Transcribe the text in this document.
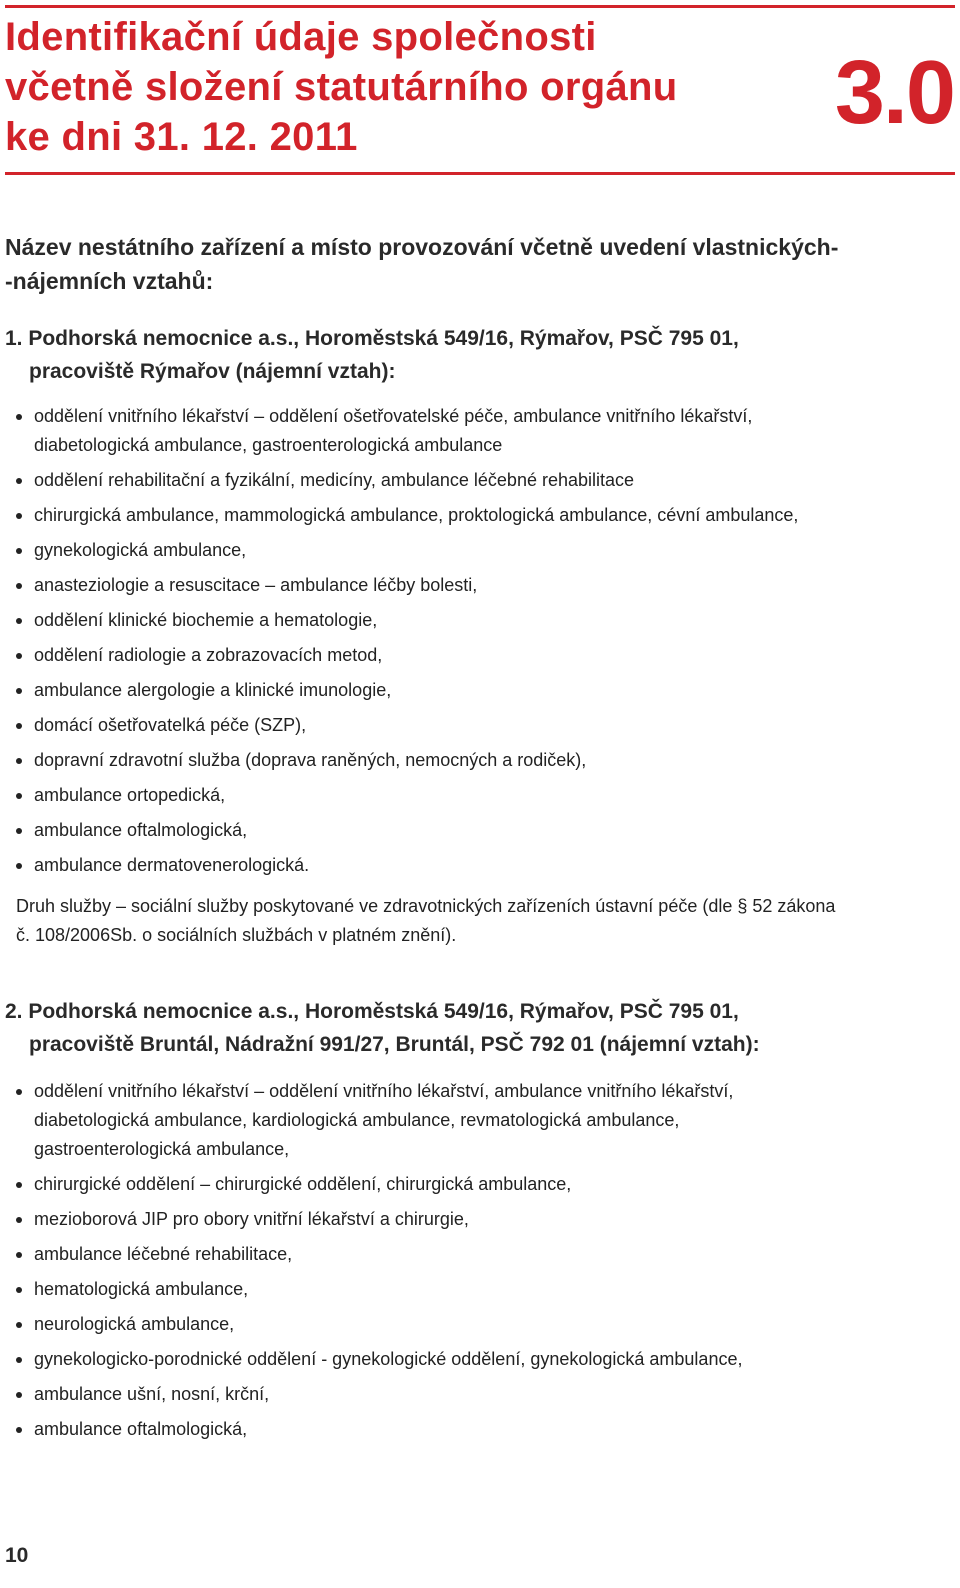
Identifikační údaje společnosti
včetně složení statutárního orgánu
ke dni 31. 12. 2011	3.0
Název nestátního zařízení a místo provozování včetně uvedení vlastnických-
-nájemních vztahů:
1. Podhorská nemocnice a.s., Horoměstská 549/16, Rýmařov, PSČ 795 01,
pracoviště Rýmařov (nájemní vztah):
oddělení vnitřního lékařství – oddělení ošetřovatelské péče, ambulance vnitřního lékařství,
diabetologická ambulance, gastroenterologická ambulance
oddělení rehabilitační a fyzikální, medicíny, ambulance léčebné rehabilitace
chirurgická ambulance, mammologická ambulance, proktologická ambulance, cévní ambulance,
gynekologická ambulance,
anasteziologie a resuscitace – ambulance léčby bolesti,
oddělení klinické biochemie a hematologie,
oddělení radiologie a zobrazovacích metod,
ambulance alergologie a klinické imunologie,
domácí ošetřovatelká péče (SZP),
dopravní zdravotní služba (doprava raněných, nemocných a rodiček),
ambulance ortopedická,
ambulance oftalmologická,
ambulance dermatovenerologická.
Druh služby – sociální služby poskytované ve zdravotnických zařízeních ústavní péče (dle § 52 zákona
č. 108/2006Sb. o sociálních službách v platném znění).
2. Podhorská nemocnice a.s., Horoměstská 549/16, Rýmařov, PSČ 795 01,
pracoviště Bruntál, Nádražní 991/27, Bruntál, PSČ 792 01 (nájemní vztah):
oddělení vnitřního lékařství – oddělení vnitřního lékařství, ambulance vnitřního lékařství,
diabetologická ambulance, kardiologická ambulance, revmatologická ambulance,
gastroenterologická ambulance,
chirurgické oddělení – chirurgické oddělení, chirurgická ambulance,
mezioborová JIP pro obory vnitřní lékařství a chirurgie,
ambulance léčebné rehabilitace,
hematologická ambulance,
neurologická ambulance,
gynekologicko-porodnické oddělení - gynekologické oddělení, gynekologická ambulance,
ambulance ušní, nosní, krční,
ambulance oftalmologická,
10
